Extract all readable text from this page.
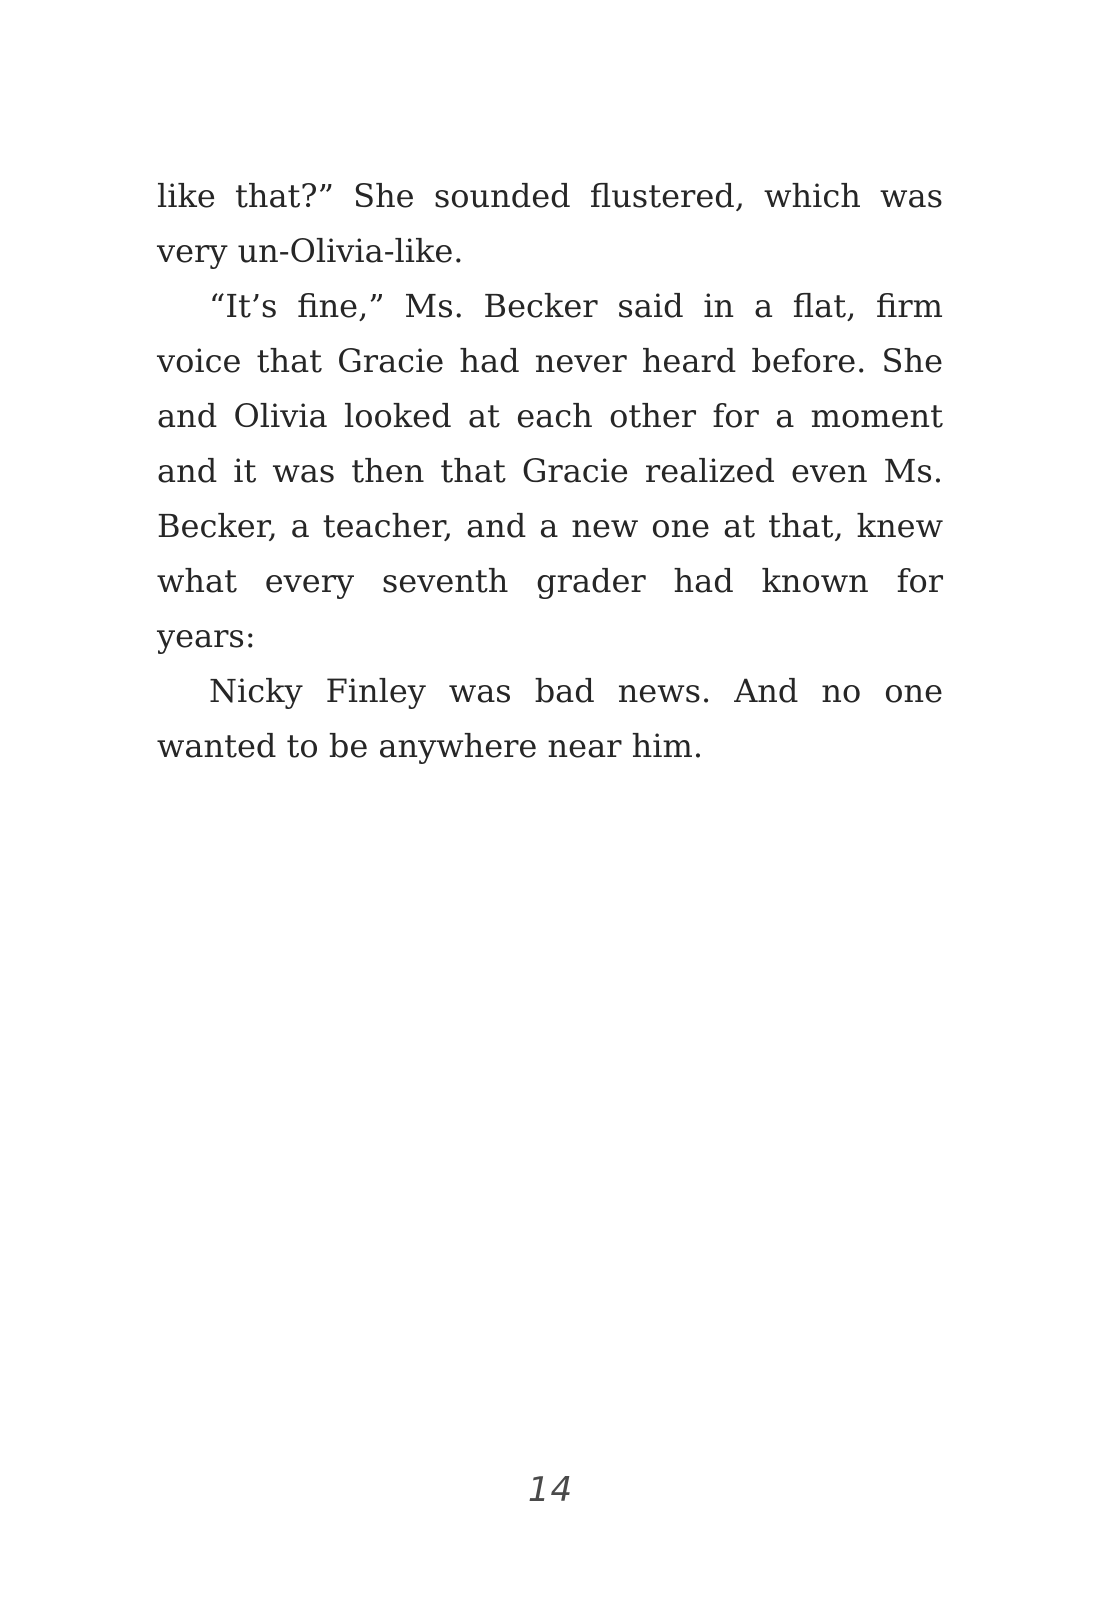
like that?” She sounded flustered, which was very un-Olivia-like.

“It’s fine,” Ms. Becker said in a flat, firm voice that Gracie had never heard before. She and Olivia looked at each other for a moment and it was then that Gracie realized even Ms. Becker, a teacher, and a new one at that, knew what every seventh grader had known for years:

Nicky Finley was bad news. And no one wanted to be anywhere near him.

14
